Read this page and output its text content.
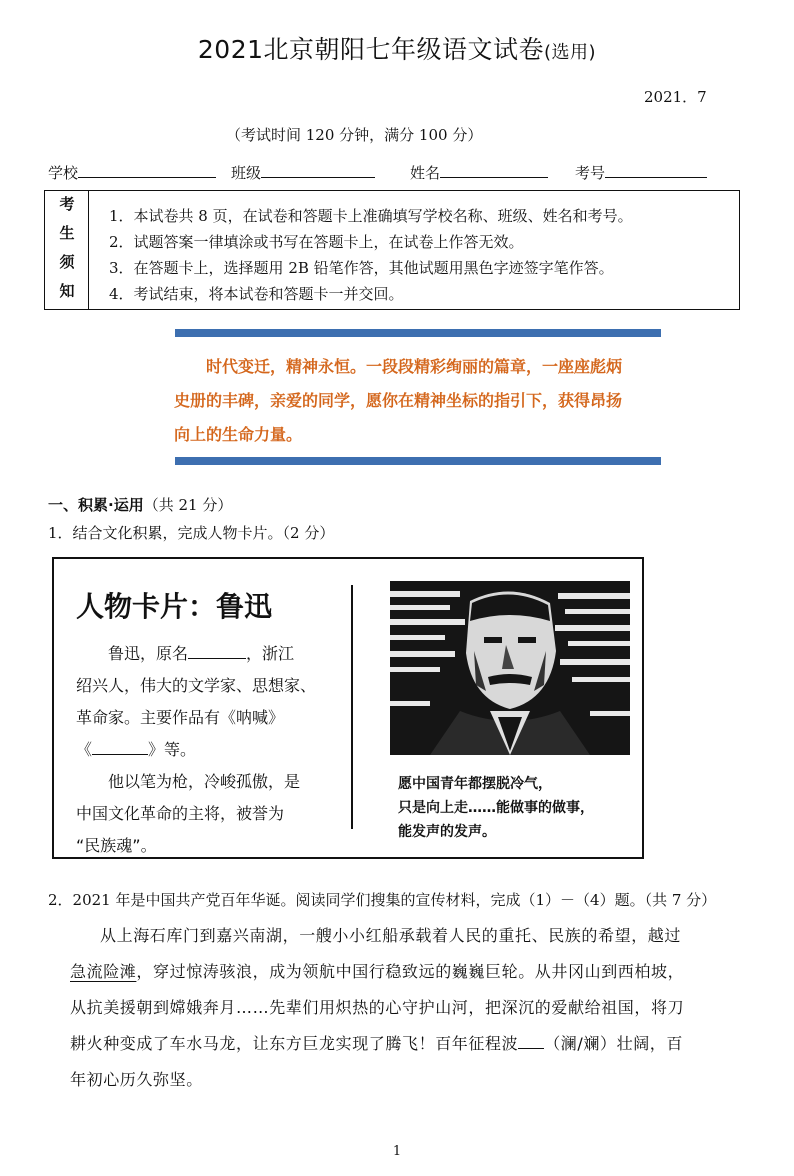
2021北京朝阳七年级语文试卷(选用)
2021．7
（考试时间 120 分钟，满分 100 分）
学校	班级	姓名	考号
考
生
须
知
1．本试卷共 8 页，在试卷和答题卡上准确填写学校名称、班级、姓名和考号。
2．试题答案一律填涂或书写在答题卡上，在试卷上作答无效。
3．在答题卡上，选择题用 2B 铅笔作答，其他试题用黑色字迹签字笔作答。
4．考试结束，将本试卷和答题卡一并交回。
　　时代变迁，精神永恒。一段段精彩绚丽的篇章，一座座彪炳
史册的丰碑，亲爱的同学，愿你在精神坐标的指引下，获得昂扬
向上的生命力量。
一、积累·运用（共 21 分）
1．结合文化积累，完成人物卡片。（2 分）
人物卡片：鲁迅
鲁迅，原名	，浙江
绍兴人，伟大的文学家、思想家、
革命家。主要作品有《呐喊》
《	》等。
他以笔为枪，冷峻孤傲，是
中国文化革命的主将，被誉为
“民族魂”。
愿中国青年都摆脱冷气，
只是向上走……能做事的做事，
能发声的发声。
2．2021 年是中国共产党百年华诞。阅读同学们搜集的宣传材料，完成（1）－（4）题。（共 7 分）
从上海石库门到嘉兴南湖，一艘小小红船承载着人民的重托、民族的希望，越过
急流险滩，穿过惊涛骇浪，成为领航中国行稳致远的巍巍巨轮。从井冈山到西柏坡，
从抗美援朝到嫦娥奔月……先辈们用炽热的心守护山河，把深沉的爱献给祖国，将刀
耕火种变成了车水马龙，让东方巨龙实现了腾飞！百年征程波 （澜/斓）壮阔，百
年初心历久弥坚。
1
